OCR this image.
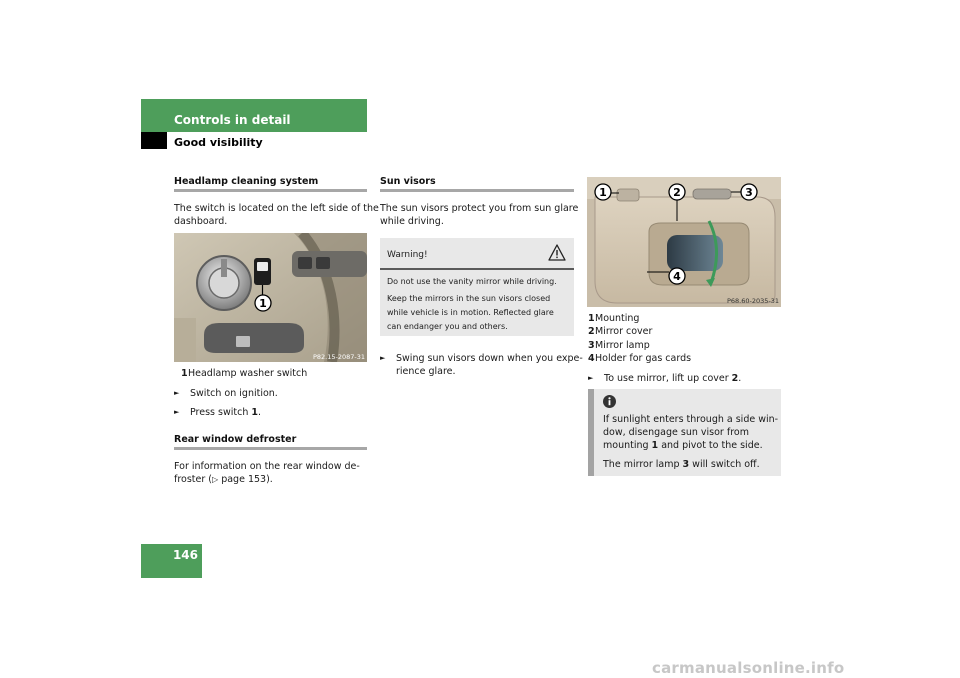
Controls in detail
Good visibility
Headlamp cleaning system
The switch is located on the left side of the
dashboard.
1
P82.15-2087-31
1Headlamp washer switch
► Switch on ignition.
► Press switch 1.
Rear window defroster
For information on the rear window de-
froster (▷ page 153).
Sun visors
The sun visors protect you from sun glare
while driving.
Warning!
Do not use the vanity mirror while driving.
Keep the mirrors in the sun visors closed
while vehicle is in motion. Reflected glare
can endanger you and others.
► Swing sun visors down when you expe-
rience glare.
1	2	3
4
P68.60-2035-31
1Mounting
2Mirror cover
3Mirror lamp
4Holder for gas cards
► To use mirror, lift up cover 2.
If sunlight enters through a side win-
dow, disengage sun visor from
mounting 1 and pivot to the side.
The mirror lamp 3 will switch off.
146
carmanualsonline.info
